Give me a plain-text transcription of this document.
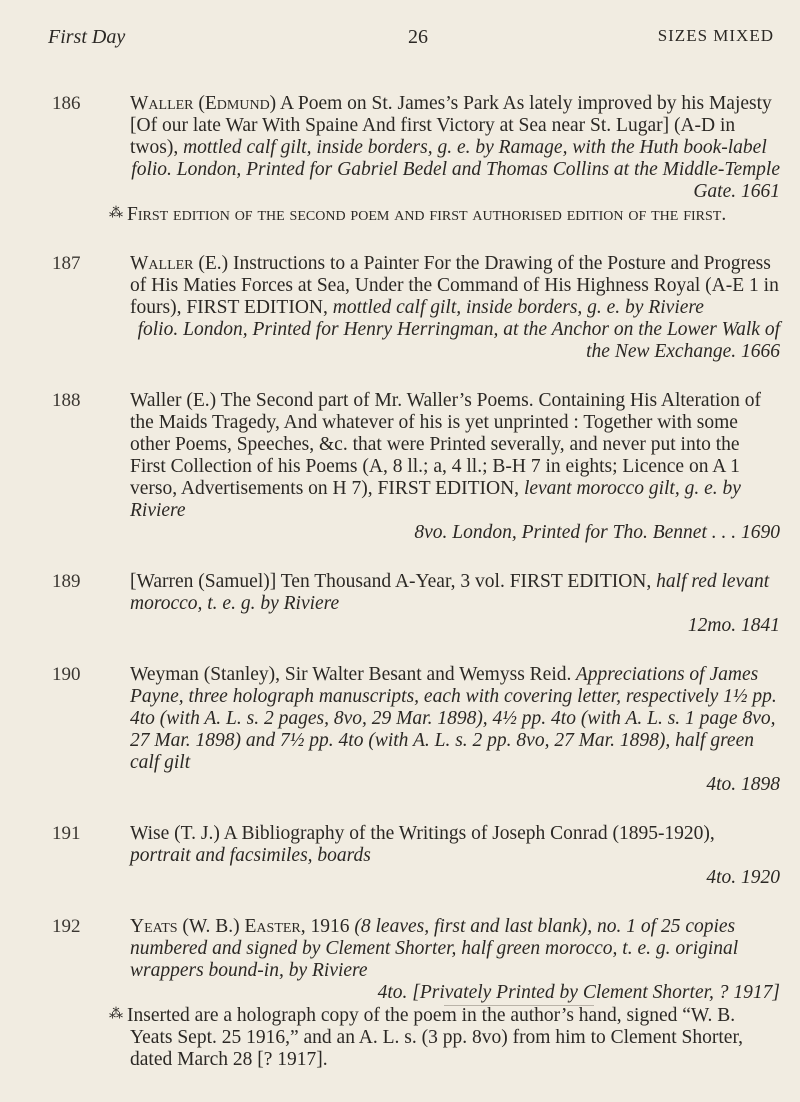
First Day	26	SIZES MIXED
186	Waller (Edmund) A Poem on St. James’s Park As lately improved by his Majesty [Of our late War With Spaine And first Victory at Sea near St. Lugar] (A-D in twos), mottled calf gilt, inside borders, g. e. by Ramage, with the Huth book-label
folio. London, Printed for Gabriel Bedel and Thomas Collins at the Middle-Temple Gate. 1661
⁂ First edition of the second poem and first authorised edition of the first.
187	Waller (E.) Instructions to a Painter For the Drawing of the Posture and Progress of His Maties Forces at Sea, Under the Command of His Highness Royal (A-E 1 in fours), FIRST EDITION, mottled calf gilt, inside borders, g. e. by Riviere
folio. London, Printed for Henry Herringman, at the Anchor on the Lower Walk of the New Exchange. 1666
188	Waller (E.) The Second part of Mr. Waller’s Poems. Containing His Alteration of the Maids Tragedy, And whatever of his is yet unprinted : Together with some other Poems, Speeches, &c. that were Printed severally, and never put into the First Collection of his Poems (A, 8 ll.; a, 4 ll.; B-H 7 in eights; Licence on A 1 verso, Advertisements on H 7), FIRST EDITION, levant morocco gilt, g. e. by Riviere
8vo. London, Printed for Tho. Bennet . . . 1690
189	[Warren (Samuel)] Ten Thousand A-Year, 3 vol. FIRST EDITION, half red levant morocco, t. e. g. by Riviere
12mo. 1841
190	Weyman (Stanley), Sir Walter Besant and Wemyss Reid. Appreciations of James Payne, three holograph manuscripts, each with covering letter, respectively 1½ pp. 4to (with A. L. s. 2 pages, 8vo, 29 Mar. 1898), 4½ pp. 4to (with A. L. s. 1 page 8vo, 27 Mar. 1898) and 7½ pp. 4to (with A. L. s. 2 pp. 8vo, 27 Mar. 1898), half green calf gilt
4to. 1898
191	Wise (T. J.) A Bibliography of the Writings of Joseph Conrad (1895-1920), portrait and facsimiles, boards
4to. 1920
192	Yeats (W. B.) Easter, 1916 (8 leaves, first and last blank), no. 1 of 25 copies numbered and signed by Clement Shorter, half green morocco, t. e. g. original wrappers bound-in, by Riviere
4to. [Privately Printed by Clement Shorter, ? 1917]
⁂ Inserted are a holograph copy of the poem in the author’s hand, signed “W. B. Yeats Sept. 25 1916,” and an A. L. s. (3 pp. 8vo) from him to Clement Shorter, dated March 28 [? 1917].
